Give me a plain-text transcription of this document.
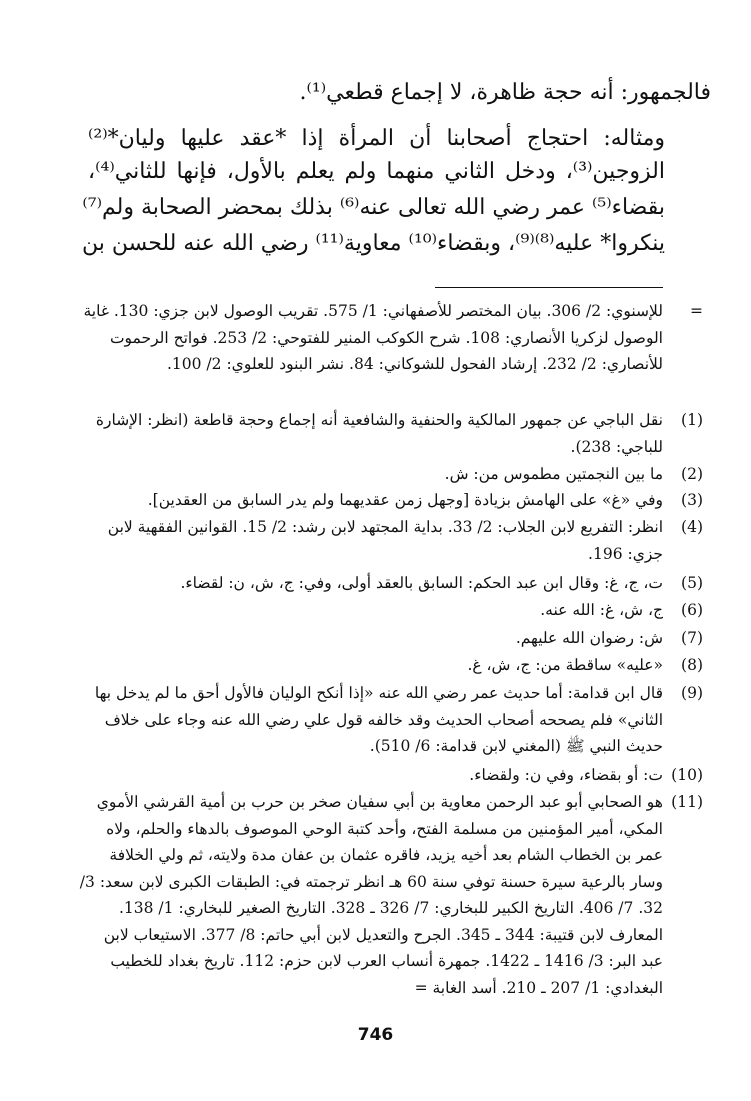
فالجمهور: أنه حجة ظاهرة، لا إجماع قطعي⁽¹⁾.
ومثاله: احتجاج أصحابنا أن المرأة إذا *عقد عليها وليان*⁽²⁾
الزوجين⁽³⁾، ودخل الثاني منهما ولم يعلم بالأول، فإنها للثاني⁽⁴⁾،
بقضاء⁽⁵⁾ عمر رضي الله تعالى عنه⁽⁶⁾ بذلك بمحضر الصحابة ولم⁽⁷⁾
ينكروا* عليه⁽⁸⁾⁽⁹⁾، وبقضاء⁽¹⁰⁾ معاوية⁽¹¹⁾ رضي الله عنه للحسن بن
=
للإسنوي: 2/ 306. بيان المختصر للأصفهاني: 1/ 575. تقريب الوصول لابن جزي: 130. غاية الوصول لزكريا الأنصاري: 108. شرح الكوكب المنير للفتوحي: 2/ 253. فواتح الرحموت للأنصاري: 2/ 232. إرشاد الفحول للشوكاني: 84. نشر البنود للعلوي: 2/ 100.
(1)
نقل الباجي عن جمهور المالكية والحنفية والشافعية أنه إجماع وحجة قاطعة (انظر: الإشارة للباجي: 238).
(2)
ما بين النجمتين مطموس من: ش.
(3)
وفي «غ» على الهامش بزيادة [وجهل زمن عقديهما ولم يدر السابق من العقدين].
(4)
انظر: التفريع لابن الجلاب: 2/ 33. بداية المجتهد لابن رشد: 2/ 15. القوانين الفقهية لابن جزي: 196.
(5)
ت، ج، غ: وقال ابن عبد الحكم: السابق بالعقد أولى، وفي: ج، ش، ن: لقضاء.
(6)
ج، ش، غ: الله عنه.
(7)
ش: رضوان الله عليهم.
(8)
«عليه» ساقطة من: ج، ش، غ.
(9)
قال ابن قدامة: أما حديث عمر رضي الله عنه «إذا أنكح الوليان فالأول أحق ما لم يدخل بها الثاني» فلم يصححه أصحاب الحديث وقد خالفه قول علي رضي الله عنه وجاء على خلاف حديث النبي ﷺ (المغني لابن قدامة: 6/ 510).
(10)
ت: أو بقضاء، وفي ن: ولقضاء.
(11)
هو الصحابي أبو عبد الرحمن معاوية بن أبي سفيان صخر بن حرب بن أمية القرشي الأموي المكي، أمير المؤمنين من مسلمة الفتح، وأحد كتبة الوحي الموصوف بالدهاء والحلم، ولاه عمر بن الخطاب الشام بعد أخيه يزيد، فاقره عثمان بن عفان مدة ولايته، ثم ولي الخلافة وسار بالرعية سيرة حسنة توفي سنة 60 هـ انظر ترجمته في: الطبقات الكبرى لابن سعد: 3/ 32. 7/ 406. التاريخ الكبير للبخاري: 7/ 326 ـ 328. التاريخ الصغير للبخاري: 1/ 138. المعارف لابن قتيبة: 344 ـ 345. الجرح والتعديل لابن أبي حاتم: 8/ 377. الاستيعاب لابن عبد البر: 3/ 1416 ـ 1422. جمهرة أنساب العرب لابن حزم: 112. تاريخ بغداد للخطيب البغدادي: 1/ 207 ـ 210. أسد الغابة =
746
